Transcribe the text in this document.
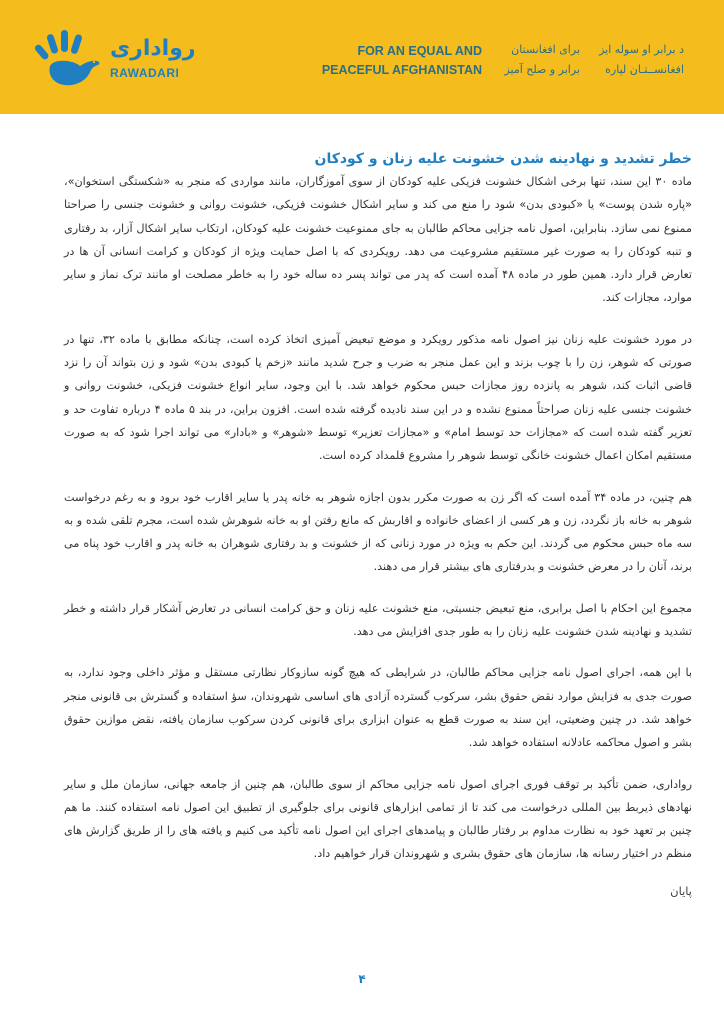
رواداری
RAWADARI
FOR AN EQUAL AND
PEACEFUL AFGHANISTAN
برای افغانستان
برابر و صلح آمیز
د برابر او سوله ایز
افغانســتـان لپاره
خطر تشدید و نهادینه شدن خشونت علیه زنان و کودکان

ماده ۳۰ این سند، تنها برخی اشکال خشونت فزیکی علیه کودکان از سوی آموزگاران، مانند مواردی که منجر به «شکستگی استخوان»، «پاره شدن پوست» یا «کبودی بدن» شود را منع می کند و سایر اشکال خشونت فزیکی، خشونت روانی و خشونت جنسی را صراحتا ممنوع نمی سازد. بنابراین، اصول نامه جزایی محاکم طالبان به جای ممنوعیت خشونت علیه کودکان، ارتکاب سایر اشکال آزار، بد رفتاری و تنبه کودکان را به صورت غیر مستقیم مشروعیت می دهد. رویکردی که با اصل حمایت ویژه از کودکان و کرامت انسانی آن ها در تعارض قرار دارد. همین طور در ماده ۴۸ آمده است که پدر می تواند پسر ده ساله خود را به خاطر مصلحت او مانند ترک نماز و سایر موارد، مجازات کند.

در مورد خشونت علیه زنان نیز اصول نامه مذکور رویکرد و موضع تبعیض آمیزی اتخاذ کرده است، چنانکه مطابق با ماده ۳۲، تنها در صورتی که شوهر، زن را با چوب بزند و این عمل منجر به ضرب و جرح شدید مانند «زخم یا کبودی بدن» شود و زن بتواند آن را نزد قاضی اثبات کند، شوهر به پانزده روز مجازات حبس محکوم خواهد شد. با این وجود، سایر انواع خشونت فزیکی، خشونت روانی و خشونت جنسی علیه زنان صراحتاً ممنوع نشده و در این سند نادیده گرفته شده است. افزون براین، در بند ۵ ماده ۴ درباره تفاوت حد و تعزیر گفته شده است که «مجازات حد توسط امام» و «مجازات تعزیر» توسط «شوهر» و «بادار» می تواند اجرا شود که به صورت مستقیم امکان اعمال خشونت خانگی توسط شوهر را مشروع قلمداد کرده است.

هم چنین، در ماده ۳۴ آمده است که اگر زن به صورت مکرر بدون اجازه شوهر به خانه پدر یا سایر اقارب خود برود و به رغم درخواست شوهر به خانه باز نگردد، زن و هر کسی از اعضای خانواده و اقاربش که مانع رفتن او به خانه شوهرش شده است، مجرم تلقی شده و به سه ماه حبس محکوم می گردند. این حکم به ویژه در مورد زنانی که از خشونت و بد رفتاری شوهران به خانه پدر و اقارب خود پناه می برند، آنان را در معرض خشونت و بدرفتاری های بیشتر قرار می دهند.

مجموع این احکام با اصل برابری، منع تبعیض جنسیتی، منع خشونت علیه زنان و حق کرامت انسانی در تعارض آشکار قرار داشته و خطر تشدید و نهادینه شدن خشونت علیه زنان را به طور جدی افزایش می دهد.

با این همه، اجرای اصول نامه جزایی محاکم طالبان، در شرایطی که هیچ گونه سازوکار نظارتی مستقل و مؤثر داخلی وجود ندارد، به صورت جدی به فزایش موارد نقض حقوق بشر، سرکوب گسترده آزادی های اساسی شهروندان، سؤ استفاده و گسترش بی قانونی منجر خواهد شد. در چنین وضعیتی، این سند به صورت قطع به عنوان ابزاری برای قانونی کردن سرکوب سازمان یافته، نقض موازین حقوق بشر و اصول محاکمه عادلانه استفاده خواهد شد.

رواداری، ضمن تأکید بر توقف فوری اجرای اصول نامه جزایی محاکم از سوی طالبان، هم چنین از جامعه جهانی، سازمان ملل و سایر نهادهای ذیربط بین المللی درخواست می کند تا از تمامی ابزارهای قانونی برای جلوگیری از تطبیق این اصول نامه استفاده کنند. ما هم چنین بر تعهد خود به نظارت مداوم بر رفتار طالبان و پیامدهای اجرای این اصول نامه تأکید می کنیم و یافته های را از طریق گزارش های منظم در اختیار رسانه ها، سازمان های حقوق بشری و شهروندان قرار خواهیم داد.

پایان
۴
